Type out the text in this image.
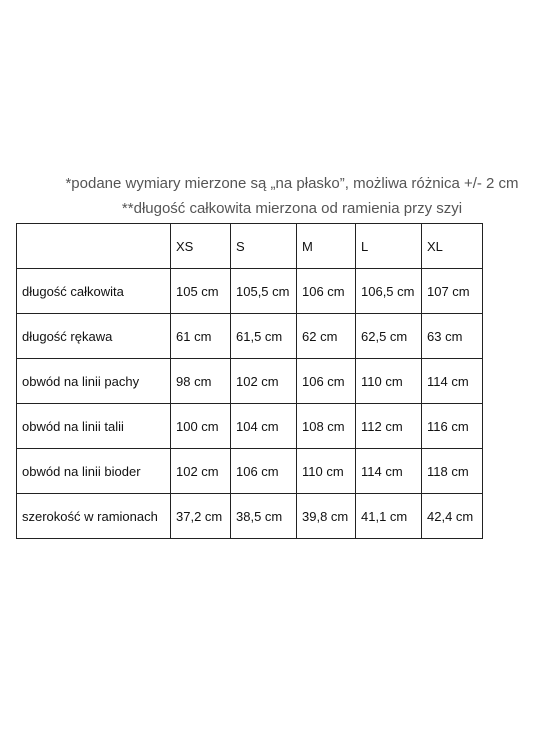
*podane wymiary mierzone są „na płasko”, możliwa różnica +/- 2 cm
**długość całkowita mierzona od ramienia przy szyi
	XS	S	M	L	XL
długość całkowita	105 cm	105,5 cm	106 cm	106,5 cm	107 cm
długość rękawa	61 cm	61,5 cm	62 cm	62,5 cm	63 cm
obwód na linii pachy	98 cm	102 cm	106 cm	110 cm	114 cm
obwód na linii talii	100 cm	104 cm	108 cm	112 cm	116 cm
obwód na linii bioder	102 cm	106 cm	110 cm	114 cm	118 cm
szerokość w ramionach	37,2 cm	38,5 cm	39,8 cm	41,1 cm	42,4 cm
